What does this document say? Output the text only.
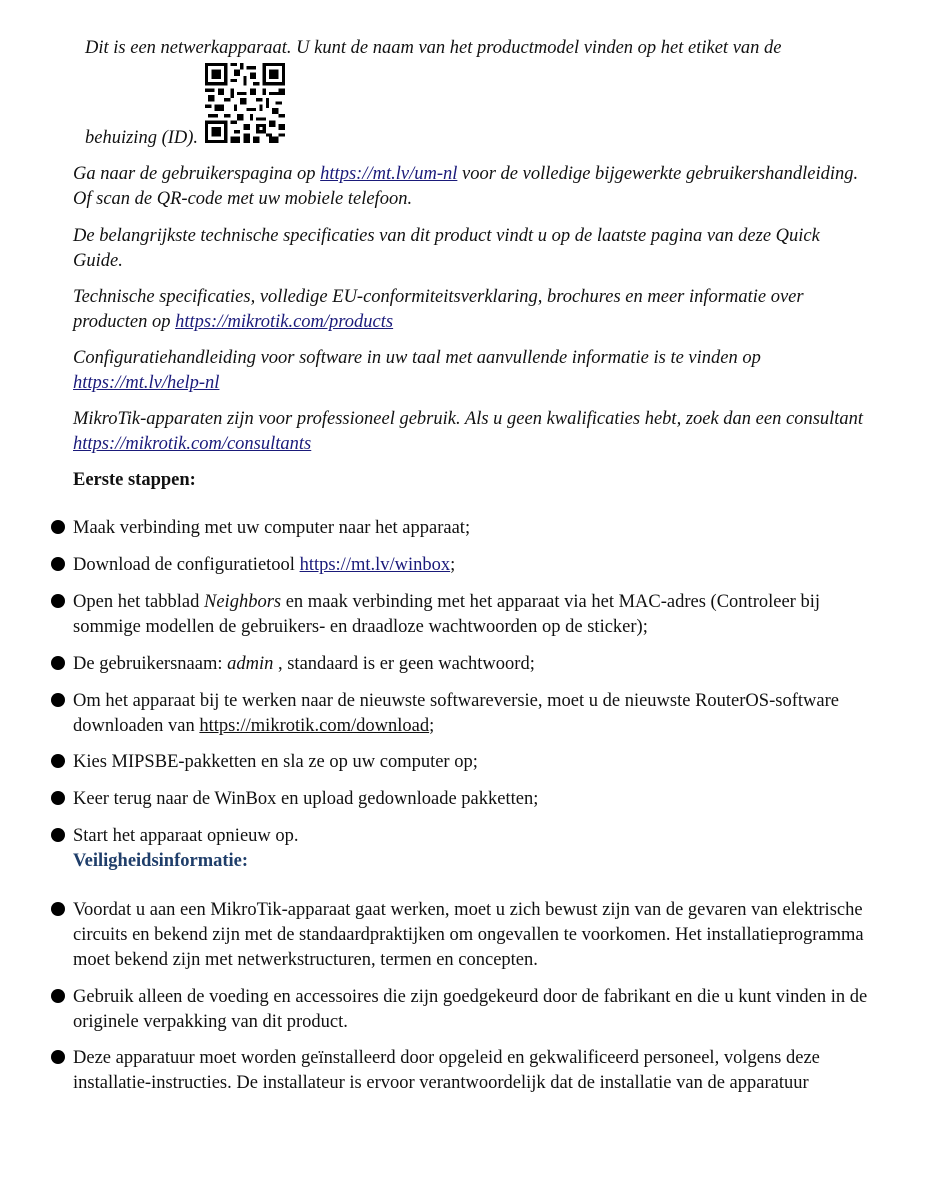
Dit is een netwerkapparaat. U kunt de naam van het productmodel vinden op het etiket van de

behuizing (ID).

Ga naar de gebruikerspagina op https://mt.lv/um-nl voor de volledige bijgewerkte gebruikershandleiding. Of scan de QR-code met uw mobiele telefoon.

De belangrijkste technische specificaties van dit product vindt u op de laatste pagina van deze Quick Guide.

Technische specificaties, volledige EU-conformiteitsverklaring, brochures en meer informatie over producten op https://mikrotik.com/products

Configuratiehandleiding voor software in uw taal met aanvullende informatie is te vinden op https://mt.lv/help-nl

MikroTik-apparaten zijn voor professioneel gebruik. Als u geen kwalificaties hebt, zoek dan een consultant https://mikrotik.com/consultants

Eerste stappen:

Maak verbinding met uw computer naar het apparaat;

Download de configuratietool https://mt.lv/winbox;

Open het tabblad Neighbors en maak verbinding met het apparaat via het MAC-adres (Controleer bij sommige modellen de gebruikers- en draadloze wachtwoorden op de sticker);

De gebruikersnaam: admin , standaard is er geen wachtwoord;

Om het apparaat bij te werken naar de nieuwste softwareversie, moet u de nieuwste RouterOS-software downloaden van https://mikrotik.com/download;

Kies MIPSBE-pakketten en sla ze op uw computer op;

Keer terug naar de WinBox en upload gedownloade pakketten;

Start het apparaat opnieuw op.

Veiligheidsinformatie:

Voordat u aan een MikroTik-apparaat gaat werken, moet u zich bewust zijn van de gevaren van elektrische circuits en bekend zijn met de standaardpraktijken om ongevallen te voorkomen. Het installatieprogramma moet bekend zijn met netwerkstructuren, termen en concepten.

Gebruik alleen de voeding en accessoires die zijn goedgekeurd door de fabrikant en die u kunt vinden in de originele verpakking van dit product.

Deze apparatuur moet worden geïnstalleerd door opgeleid en gekwalificeerd personeel, volgens deze installatie-instructies. De installateur is ervoor verantwoordelijk dat de installatie van de apparatuur
